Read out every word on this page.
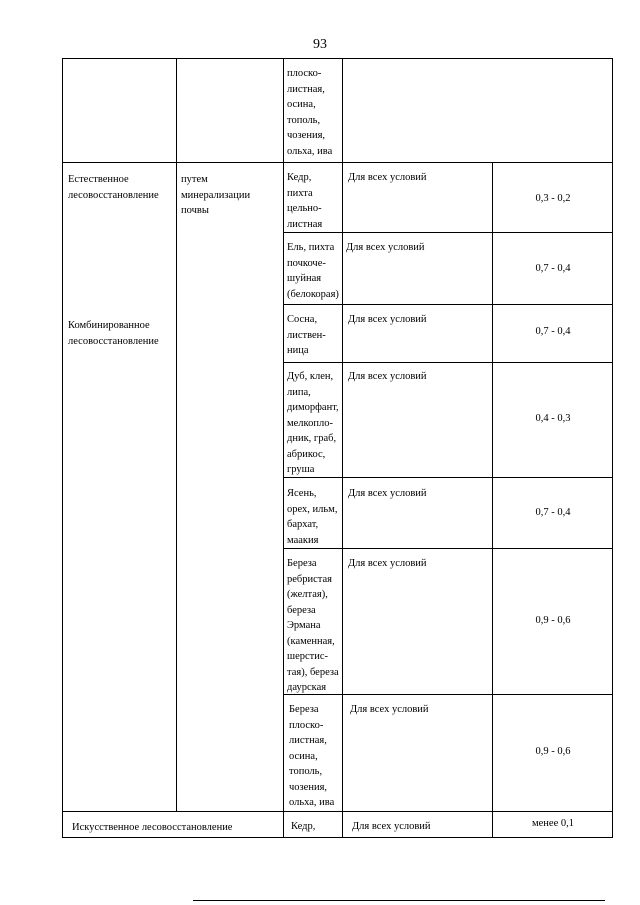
93
Естественное
лесовосстановление
Комбинированное
лесовосстановление
Искусственное лесовосстановление
путем
минерализации
почвы
плоско-
листная,
осина,
тополь,
чозения,
ольха, ива
Кедр,
пихта
цельно-
листная
Ель, пихта
почкоче-
шуйная
(белокорая)
Сосна,
листвен-
ница
Дуб, клен,
липа,
диморфант,
мелкопло-
дник, граб,
абрикос,
груша
Ясень,
орех, ильм,
бархат,
маакия
Береза
ребристая
(желтая),
береза
Эрмана
(каменная,
шерстис-
тая), береза
даурская
Береза
плоско-
листная,
осина,
тополь,
чозения,
ольха, ива
Кедр,
Для всех условий
Для всех условий
Для всех условий
Для всех условий
Для всех условий
Для всех условий
Для всех условий
Для всех условий
0,3 - 0,2
0,7 - 0,4
0,7 - 0,4
0,4 - 0,3
0,7 - 0,4
0,9 - 0,6
0,9 - 0,6
менее 0,1
